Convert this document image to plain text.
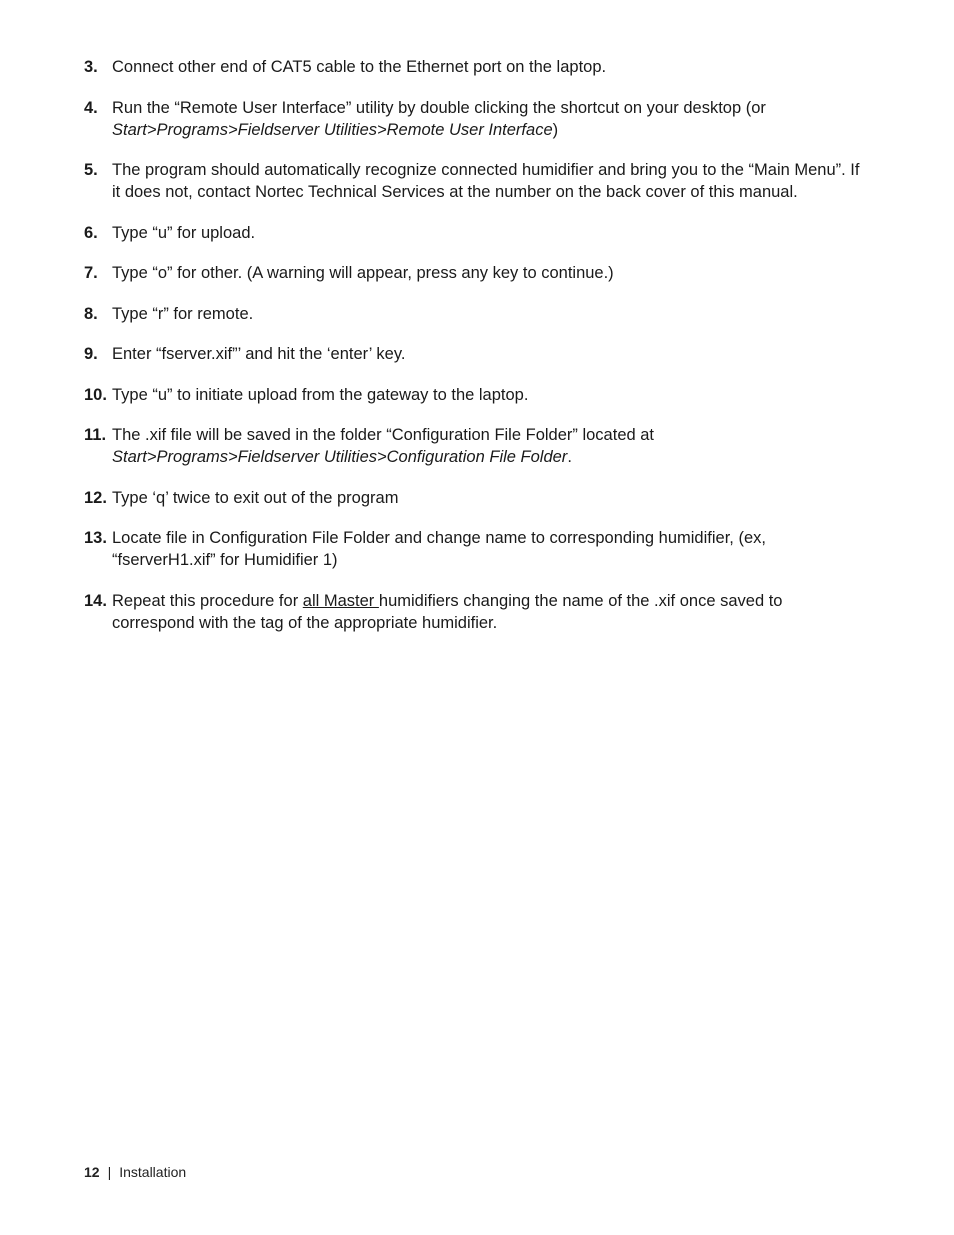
3. Connect other end of CAT5 cable to the Ethernet port on the laptop.
4. Run the “Remote User Interface” utility by double clicking the shortcut on your desktop (or Start>Programs>Fieldserver Utilities>Remote User Interface)
5. The program should automatically recognize connected humidifier and bring you to the “Main Menu”. If it does not, contact Nortec Technical Services at the number on the back cover of this manual.
6. Type “u” for upload.
7. Type “o” for other. (A warning will appear, press any key to continue.)
8. Type “r” for remote.
9. Enter “fserver.xif”’ and hit the ‘enter’ key.
10. Type “u” to initiate upload from the gateway to the laptop.
11. The .xif file will be saved in the folder “Configuration File Folder” located at Start>Programs>Fieldserver Utilities>Configuration File Folder.
12. Type ‘q’ twice to exit out of the program
13. Locate file in Configuration File Folder and change name to corresponding humidifier, (ex, “fserverH1.xif” for Humidifier 1)
14. Repeat this procedure for all Master humidifiers changing the name of the .xif once saved to correspond with the tag of the appropriate humidifier.
12 | Installation
